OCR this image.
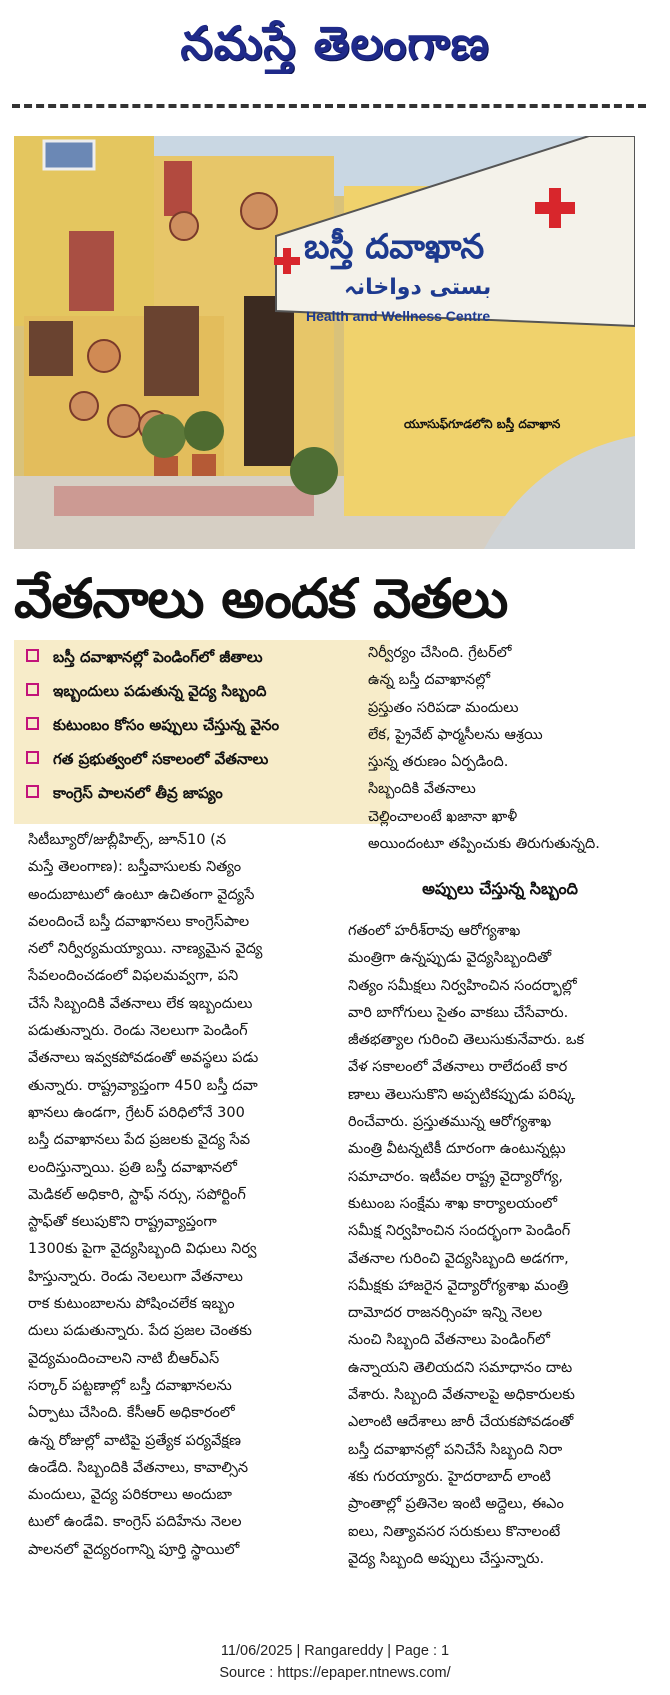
నమస్తే తెలంగాణ
బస్తీ దవాఖాన
بستی دواخانہ
Health and Wellness Centre
యూసుఫ్‌గూడలోని బస్తీ దవాఖాన
వేతనాలు అందక వెతలు
బస్తీ దవాఖానల్లో పెండింగ్‌లో జీతాలు
ఇబ్బందులు పడుతున్న వైద్య సిబ్బంది
కుటుంబం కోసం అప్పులు చేస్తున్న వైనం
గత ప్రభుత్వంలో సకాలంలో వేతనాలు
కాంగ్రెస్ పాలనలో తీవ్ర జాప్యం
సిటీబ్యూరో/జుబ్లీహిల్స్, జూన్10 (న
మస్తే తెలంగాణ): బస్తీవాసులకు నిత్యం
అందుబాటులో ఉంటూ ఉచితంగా వైద్యసే
వలందించే బస్తీ దవాఖానలు కాంగ్రెస్‌పాల
నలో నిర్వీర్యమయ్యాయి. నాణ్యమైన వైద్య
సేవలందించడంలో విఫలమవ్వగా, పని
చేసే సిబ్బందికి వేతనాలు లేక ఇబ్బందులు
పడుతున్నారు. రెండు నెలలుగా పెండింగ్
వేతనాలు ఇవ్వకపోవడంతో అవస్థలు పడు
తున్నారు. రాష్ట్రవ్యాప్తంగా 450 బస్తీ దవా
ఖానలు ఉండగా, గ్రేటర్ పరిధిలోనే 300
బస్తీ దవాఖానలు పేద ప్రజలకు వైద్య సేవ
లందిస్తున్నాయి. ప్రతి బస్తీ దవాఖానలో
మెడికల్ అధికారి, స్టాఫ్ నర్సు, సపోర్టింగ్
స్టాఫ్‌తో కలుపుకొని రాష్ట్రవ్యాప్తంగా
1300కు పైగా వైద్యసిబ్బంది విధులు నిర్వ
హిస్తున్నారు. రెండు నెలలుగా వేతనాలు
రాక కుటుంబాలను పోషించలేక ఇబ్బం
దులు పడుతున్నారు. పేద ప్రజల చెంతకు
వైద్యమందించాలని నాటి బీఆర్ఎస్
సర్కార్ పట్టణాల్లో బస్తీ దవాఖానలను
ఏర్పాటు చేసింది. కేసీఆర్ అధికారంలో
ఉన్న రోజుల్లో వాటిపై ప్రత్యేక పర్యవేక్షణ
ఉండేది. సిబ్బందికి వేతనాలు, కావాల్సిన
మందులు, వైద్య పరికరాలు అందుబా
టులో ఉండేవి. కాంగ్రెస్ పదిహేను నెలల
పాలనలో వైద్యరంగాన్ని పూర్తి స్థాయిలో
నిర్వీర్యం చేసింది. గ్రేటర్‌లో
ఉన్న బస్తీ దవాఖానల్లో
ప్రస్తుతం సరిపడా మందులు
లేక, ప్రైవేట్ ఫార్మసీలను ఆశ్రయి
స్తున్న తరుణం ఏర్పడింది.
సిబ్బందికి వేతనాలు
చెల్లించాలంటే ఖజానా ఖాళీ
అయిందంటూ తప్పించుకు తిరుగుతున్నది.
అప్పులు చేస్తున్న సిబ్బంది
గతంలో హరీశ్‌రావు ఆరోగ్యశాఖ
మంత్రిగా ఉన్నప్పుడు వైద్యసిబ్బందితో
నిత్యం సమీక్షలు నిర్వహించిన సందర్భాల్లో
వారి బాగోగులు సైతం వాకబు చేసేవారు.
జీతభత్యాల గురించి తెలుసుకునేవారు. ఒక
వేళ సకాలంలో వేతనాలు రాలేదంటే కార
ణాలు తెలుసుకొని అప్పటికప్పుడు పరిష్క
రించేవారు. ప్రస్తుతమున్న ఆరోగ్యశాఖ
మంత్రి వీటన్నటికీ దూరంగా ఉంటున్నట్లు
సమాచారం. ఇటీవల రాష్ట్ర వైద్యారోగ్య,
కుటుంబ సంక్షేమ శాఖ కార్యాలయంలో
సమీక్ష నిర్వహించిన సందర్భంగా పెండింగ్
వేతనాల గురించి వైద్యసిబ్బంది అడగగా,
సమీక్షకు హాజరైన వైద్యారోగ్యశాఖ మంత్రి
దామోదర రాజనర్సింహ ఇన్ని నెలల
నుంచి సిబ్బంది వేతనాలు పెండింగ్‌లో
ఉన్నాయని తెలియదని సమాధానం దాట
వేశారు. సిబ్బంది వేతనాలపై అధికారులకు
ఎలాంటి ఆదేశాలు జారీ చేయకపోవడంతో
బస్తీ దవాఖానల్లో పనిచేసే సిబ్బంది నిరా
శకు గురయ్యారు. హైదరాబాద్ లాంటి
ప్రాంతాల్లో ప్రతినెల ఇంటి అద్దెలు, ఈఎం
ఐలు, నిత్యావసర సరుకులు కొనాలంటే
వైద్య సిబ్బంది అప్పులు చేస్తున్నారు.
11/06/2025 | Rangareddy | Page : 1
Source : https://epaper.ntnews.com/
